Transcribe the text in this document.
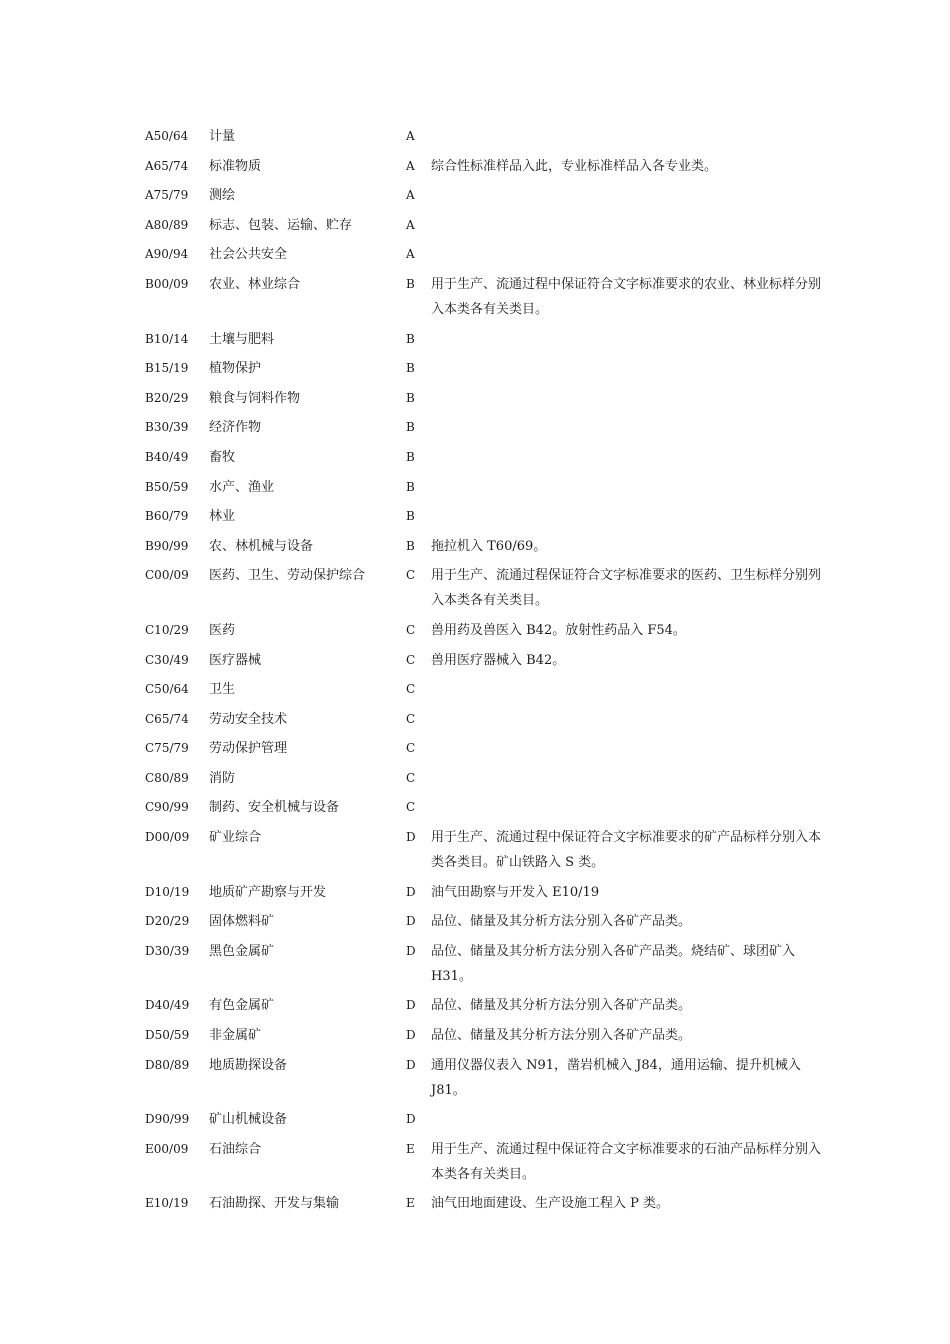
A50/64	计量	A
A65/74	标准物质	A	综合性标准样品入此，专业标准样品入各专业类。
A75/79	测绘	A
A80/89	标志、包装、运输、贮存	A
A90/94	社会公共安全	A
B00/09	农业、林业综合	B	用于生产、流通过程中保证符合文字标准要求的农业、林业标样分别入本类各有关类目。
B10/14	土壤与肥料	B
B15/19	植物保护	B
B20/29	粮食与饲料作物	B
B30/39	经济作物	B
B40/49	畜牧	B
B50/59	水产、渔业	B
B60/79	林业	B
B90/99	农、林机械与设备	B	拖拉机入 T60/69。
C00/09	医药、卫生、劳动保护综合	C	用于生产、流通过程保证符合文字标准要求的医药、卫生标样分别列入本类各有关类目。
C10/29	医药	C	兽用药及兽医入 B42。放射性药品入 F54。
C30/49	医疗器械	C	兽用医疗器械入 B42。
C50/64	卫生	C
C65/74	劳动安全技术	C
C75/79	劳动保护管理	C
C80/89	消防	C
C90/99	制药、安全机械与设备	C
D00/09	矿业综合	D	用于生产、流通过程中保证符合文字标准要求的矿产品标样分别入本类各类目。矿山铁路入 S 类。
D10/19	地质矿产勘察与开发	D	油气田勘察与开发入 E10/19
D20/29	固体燃料矿	D	品位、储量及其分析方法分别入各矿产品类。
D30/39	黑色金属矿	D	品位、储量及其分析方法分别入各矿产品类。烧结矿、球团矿入 H31。
D40/49	有色金属矿	D	品位、储量及其分析方法分别入各矿产品类。
D50/59	非金属矿	D	品位、储量及其分析方法分别入各矿产品类。
D80/89	地质勘探设备	D	通用仪器仪表入 N91，凿岩机械入 J84，通用运输、提升机械入 J81。
D90/99	矿山机械设备	D
E00/09	石油综合	E	用于生产、流通过程中保证符合文字标准要求的石油产品标样分别入本类各有关类目。
E10/19	石油勘探、开发与集输	E	油气田地面建设、生产设施工程入 P 类。
